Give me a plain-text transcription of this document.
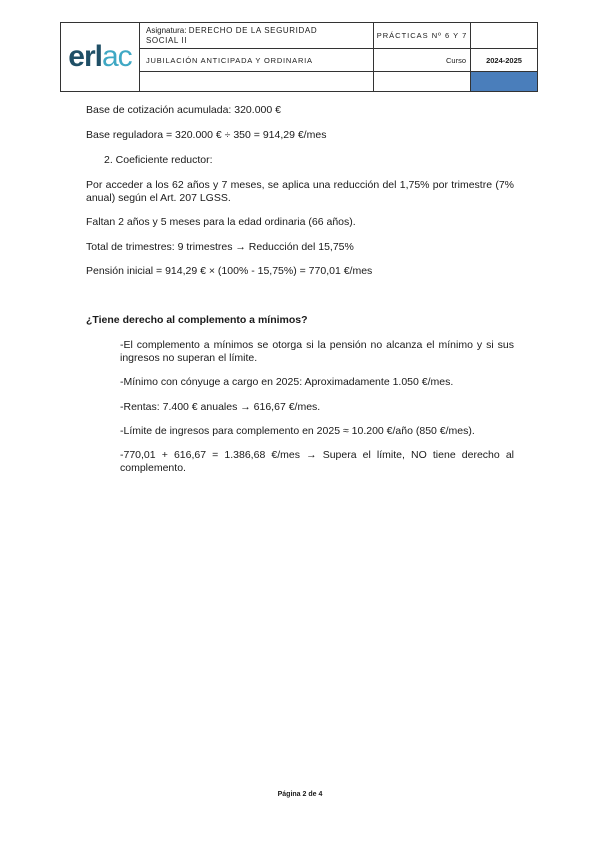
erlac	Asignatura: DERECHO DE LA SEGURIDAD
SOCIAL II	PRÁCTICAS Nº 6 Y 7	
	JUBILACIÓN ANTICIPADA Y ORDINARIA	Curso	2024-2025

Base de cotización acumulada: 320.000 €
Base reguladora = 320.000 € ÷ 350 = 914,29 €/mes
2. Coeficiente reductor:
Por acceder a los 62 años y 7 meses, se aplica una reducción del 1,75% por trimestre (7% anual) según el Art. 207 LGSS.
Faltan 2 años y 5 meses para la edad ordinaria (66 años).
Total de trimestres: 9 trimestres → Reducción del 15,75%
Pensión inicial = 914,29 € × (100% - 15,75%) = 770,01 €/mes
¿Tiene derecho al complemento a mínimos?
-El complemento a mínimos se otorga si la pensión no alcanza el mínimo y si sus ingresos no superan el límite.
-Mínimo con cónyuge a cargo en 2025: Aproximadamente 1.050 €/mes.
-Rentas: 7.400 € anuales → 616,67 €/mes.
-Límite de ingresos para complemento en 2025 ≈ 10.200 €/año (850 €/mes).
-770,01 + 616,67 = 1.386,68 €/mes → Supera el límite, NO tiene derecho al complemento.
Página 2 de 4
